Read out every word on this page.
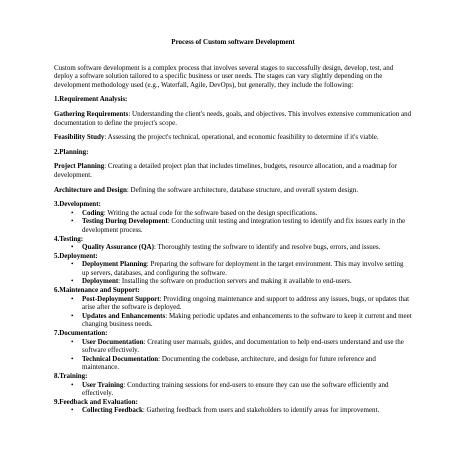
Process of Custom software Development

Custom software development is a complex process that involves several stages to successfully design, develop, test, and deploy a software solution tailored to a specific business or user needs. The stages can vary slightly depending on the development methodology used (e.g., Waterfall, Agile, DevOps), but generally, they include the following:

1.Requirement Analysis:

Gathering Requirements: Understanding the client's needs, goals, and objectives. This involves extensive communication and documentation to define the project's scope.

Feasibility Study: Assessing the project's technical, operational, and economic feasibility to determine if it's viable.

2.Planning:

Project Planning: Creating a detailed project plan that includes timelines, budgets, resource allocation, and a roadmap for development.

Architecture and Design: Defining the software architecture, database structure, and overall system design.

3.Development:
• Coding: Writing the actual code for the software based on the design specifications.
• Testing During Development: Conducting unit testing and integration testing to identify and fix issues early in the development process.
4.Testing:
• Quality Assurance (QA): Thoroughly testing the software to identify and resolve bugs, errors, and issues.
5.Deployment:
• Deployment Planning: Preparing the software for deployment in the target environment. This may involve setting up servers, databases, and configuring the software.
• Deployment: Installing the software on production servers and making it available to end-users.
6.Maintenance and Support:
• Post-Deployment Support: Providing ongoing maintenance and support to address any issues, bugs, or updates that arise after the software is deployed.
• Updates and Enhancements: Making periodic updates and enhancements to the software to keep it current and meet changing business needs.
7.Documentation:
• User Documentation: Creating user manuals, guides, and documentation to help end-users understand and use the software effectively.
• Technical Documentation: Documenting the codebase, architecture, and design for future reference and maintenance.
8.Training:
• User Training: Conducting training sessions for end-users to ensure they can use the software efficiently and effectively.
9.Feedback and Evaluation:
• Collecting Feedback: Gathering feedback from users and stakeholders to identify areas for improvement.
